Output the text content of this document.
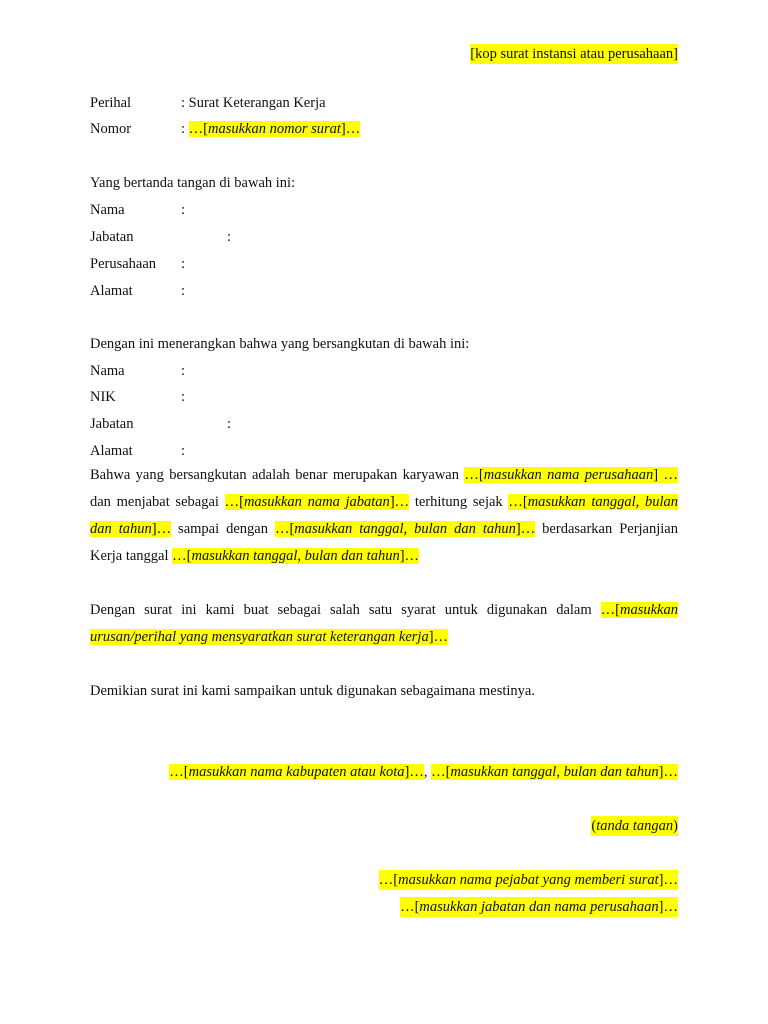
[kop surat instansi atau perusahaan]
Perihal	: Surat Keterangan Kerja
Nomor	: …[masukkan nomor surat]…
Yang bertanda tangan di bawah ini:
Nama	:
Jabatan	:
Perusahaan :
Alamat	:
Dengan ini menerangkan bahwa yang bersangkutan di bawah ini:
Nama	:
NIK	:
Jabatan	:
Alamat	:
Bahwa yang bersangkutan adalah benar merupakan karyawan …[masukkan nama perusahaan] … dan menjabat sebagai …[masukkan nama jabatan]… terhitung sejak …[masukkan tanggal, bulan dan tahun]… sampai dengan …[masukkan tanggal, bulan dan tahun]… berdasarkan Perjanjian Kerja tanggal …[masukkan tanggal, bulan dan tahun]…
Dengan surat ini kami buat sebagai salah satu syarat untuk digunakan dalam …[masukkan urusan/perihal yang mensyaratkan surat keterangan kerja]…
Demikian surat ini kami sampaikan untuk digunakan sebagaimana mestinya.
…[masukkan nama kabupaten atau kota]…, …[masukkan tanggal, bulan dan tahun]…
(tanda tangan)
…[masukkan nama pejabat yang memberi surat]…
…[masukkan jabatan dan nama perusahaan]…
